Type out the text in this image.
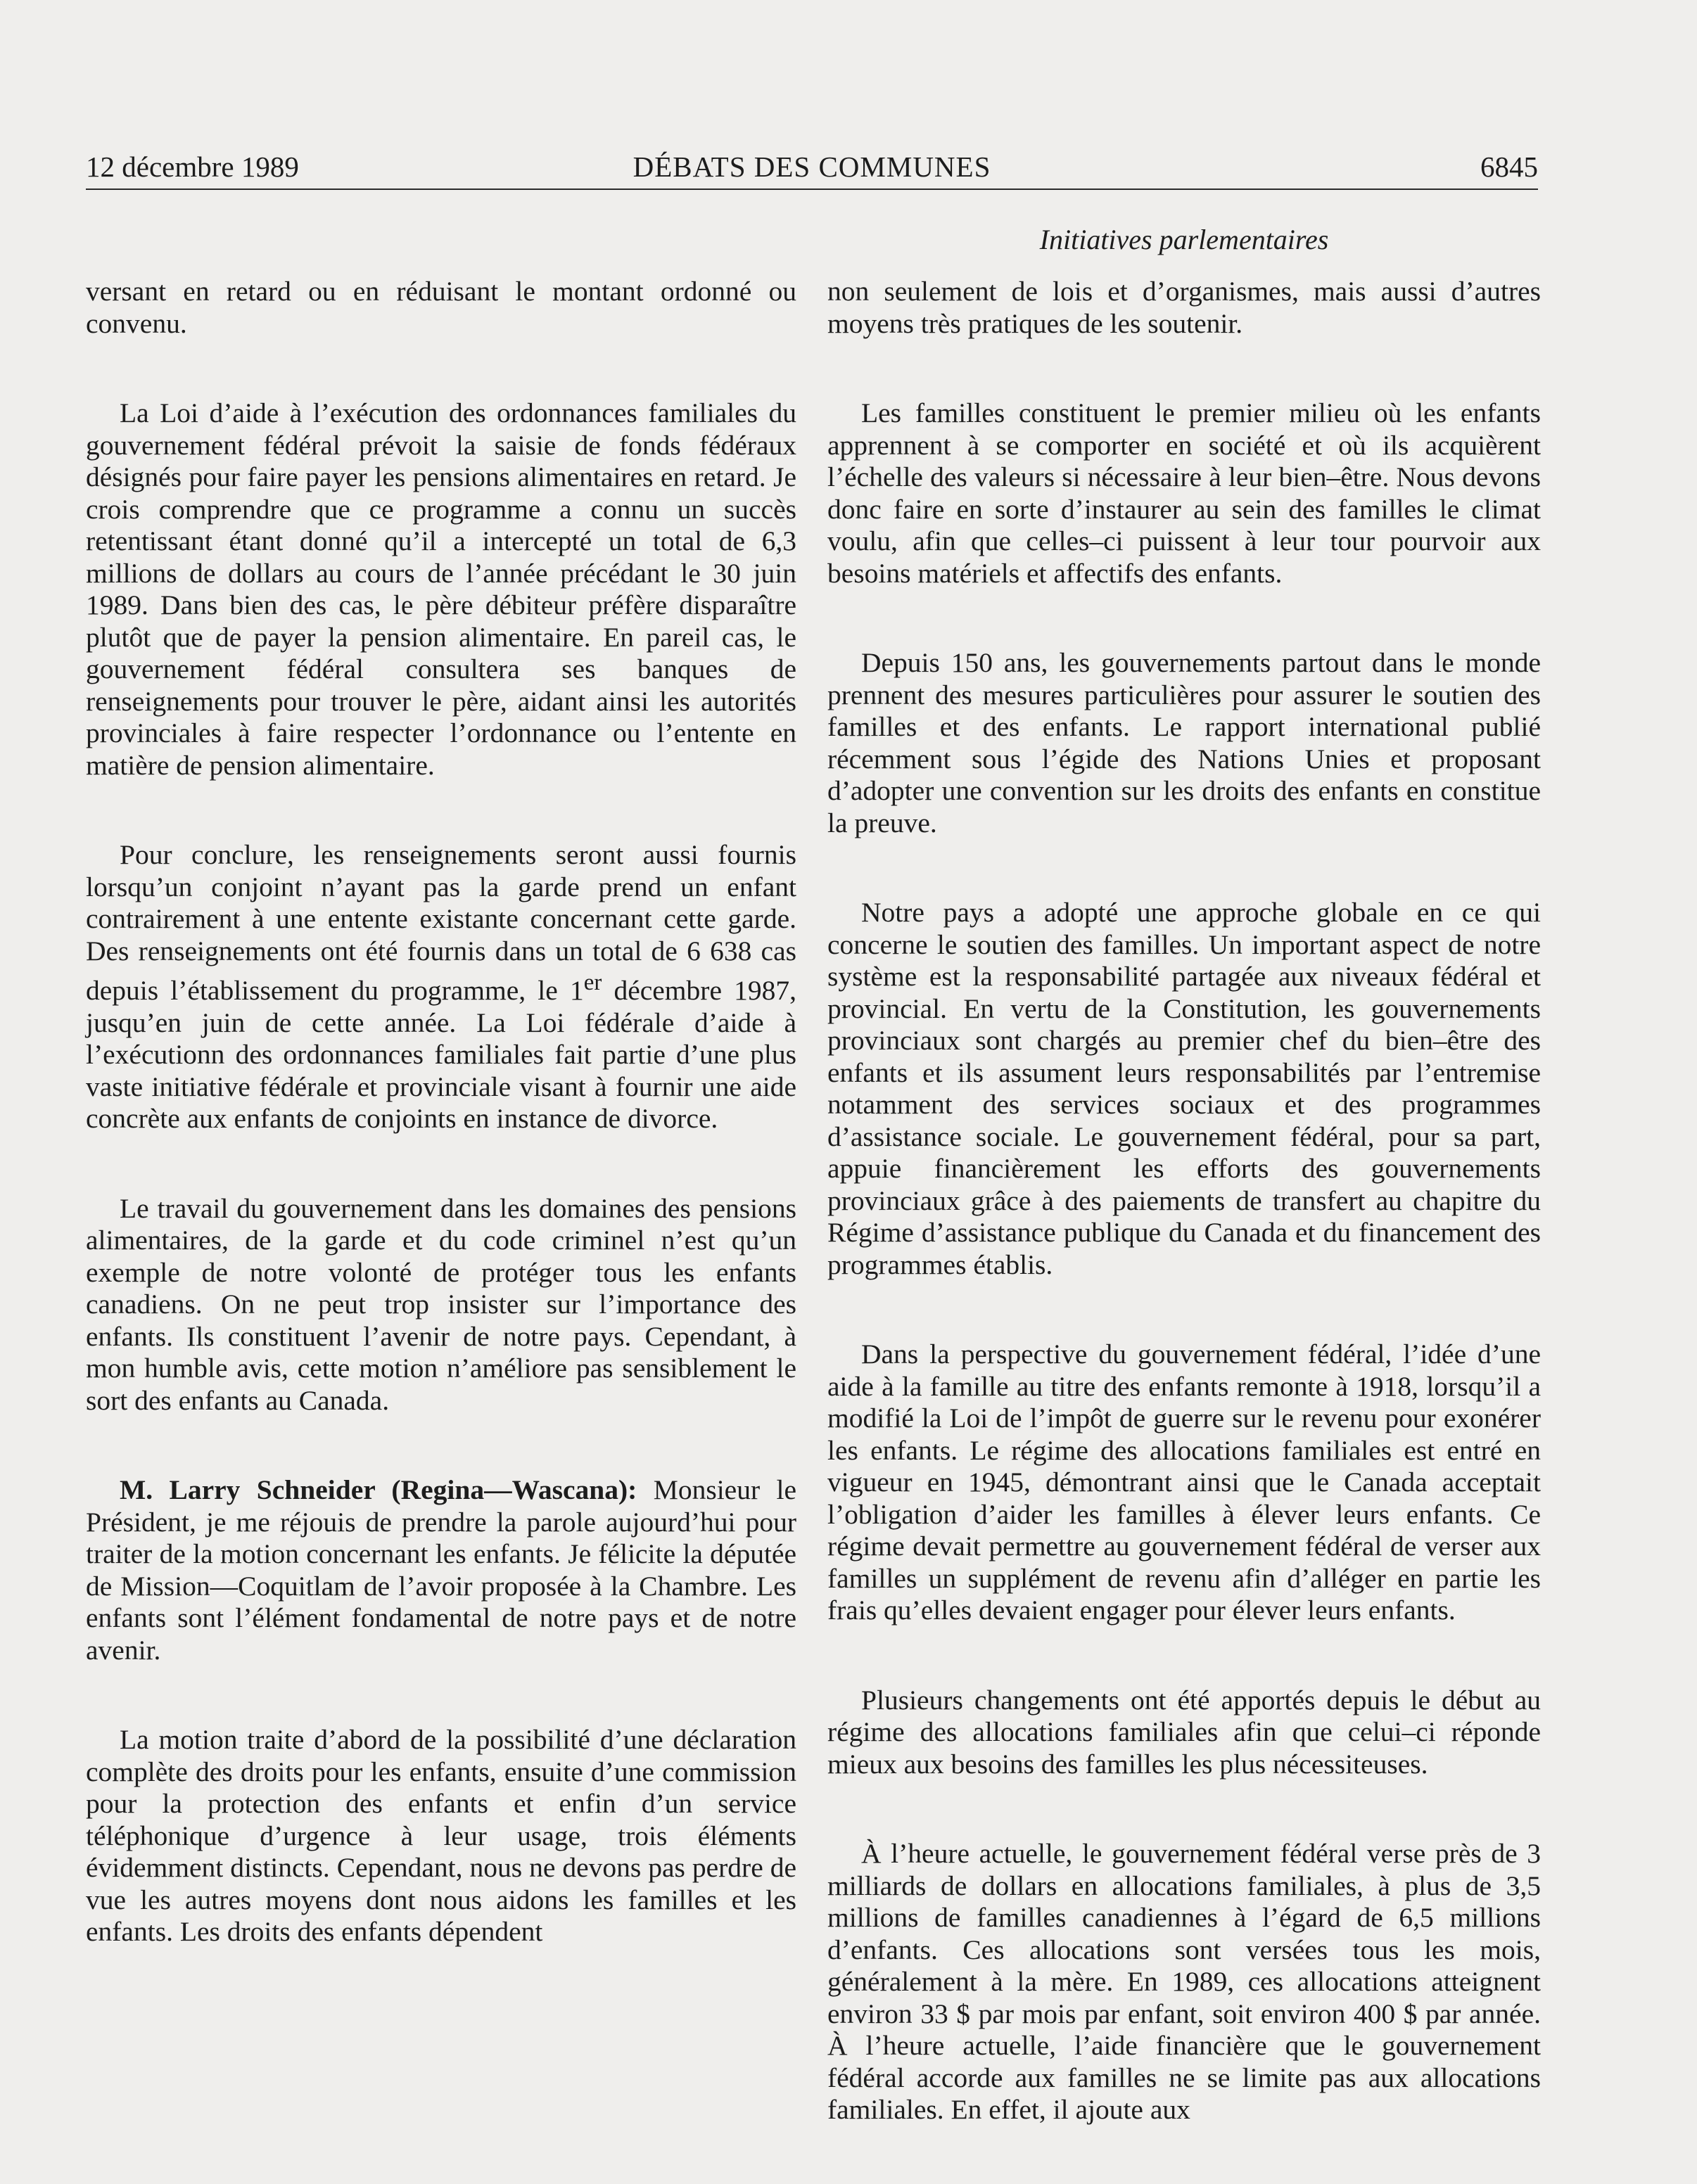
DÉBATS DES COMMUNES
12 décembre 1989	6845
Initiatives parlementaires

versant en retard ou en réduisant le montant ordonné ou convenu.

La Loi d’aide à l’exécution des ordonnances familiales du gouvernement fédéral prévoit la saisie de fonds fédéraux désignés pour faire payer les pensions alimentaires en retard. Je crois comprendre que ce programme a connu un succès retentissant étant donné qu’il a intercepté un total de 6,3 millions de dollars au cours de l’année précédant le 30 juin 1989. Dans bien des cas, le père débiteur préfère disparaître plutôt que de payer la pension alimentaire. En pareil cas, le gouvernement fédéral consultera ses banques de renseignements pour trouver le père, aidant ainsi les autorités provinciales à faire respecter l’ordonnance ou l’entente en matière de pension alimentaire.

Pour conclure, les renseignements seront aussi fournis lorsqu’un conjoint n’ayant pas la garde prend un enfant contrairement à une entente existante concernant cette garde. Des renseignements ont été fournis dans un total de 6 638 cas depuis l’établissement du programme, le 1er décembre 1987, jusqu’en juin de cette année. La Loi fédérale d’aide à l’exécutionn des ordonnances familiales fait partie d’une plus vaste initiative fédérale et provinciale visant à fournir une aide concrète aux enfants de conjoints en instance de divorce.

Le travail du gouvernement dans les domaines des pensions alimentaires, de la garde et du code criminel n’est qu’un exemple de notre volonté de protéger tous les enfants canadiens. On ne peut trop insister sur l’importance des enfants. Ils constituent l’avenir de notre pays. Cependant, à mon humble avis, cette motion n’améliore pas sensiblement le sort des enfants au Canada.

M. Larry Schneider (Regina—Wascana): Monsieur le Président, je me réjouis de prendre la parole aujourd’hui pour traiter de la motion concernant les enfants. Je félicite la députée de Mission—Coquitlam de l’avoir proposée à la Chambre. Les enfants sont l’élément fondamental de notre pays et de notre avenir.

La motion traite d’abord de la possibilité d’une déclaration complète des droits pour les enfants, ensuite d’une commission pour la protection des enfants et enfin d’un service téléphonique d’urgence à leur usage, trois éléments évidemment distincts. Cependant, nous ne devons pas perdre de vue les autres moyens dont nous aidons les familles et les enfants. Les droits des enfants dépendent

non seulement de lois et d’organismes, mais aussi d’autres moyens très pratiques de les soutenir.

Les familles constituent le premier milieu où les enfants apprennent à se comporter en société et où ils acquièrent l’échelle des valeurs si nécessaire à leur bien–être. Nous devons donc faire en sorte d’instaurer au sein des familles le climat voulu, afin que celles–ci puissent à leur tour pourvoir aux besoins matériels et affectifs des enfants.

Depuis 150 ans, les gouvernements partout dans le monde prennent des mesures particulières pour assurer le soutien des familles et des enfants. Le rapport international publié récemment sous l’égide des Nations Unies et proposant d’adopter une convention sur les droits des enfants en constitue la preuve.

Notre pays a adopté une approche globale en ce qui concerne le soutien des familles. Un important aspect de notre système est la responsabilité partagée aux niveaux fédéral et provincial. En vertu de la Constitution, les gouvernements provinciaux sont chargés au premier chef du bien–être des enfants et ils assument leurs responsabilités par l’entremise notamment des services sociaux et des programmes d’assistance sociale. Le gouvernement fédéral, pour sa part, appuie financièrement les efforts des gouvernements provinciaux grâce à des paiements de transfert au chapitre du Régime d’assistance publique du Canada et du financement des programmes établis.

Dans la perspective du gouvernement fédéral, l’idée d’une aide à la famille au titre des enfants remonte à 1918, lorsqu’il a modifié la Loi de l’impôt de guerre sur le revenu pour exonérer les enfants. Le régime des allocations familiales est entré en vigueur en 1945, démontrant ainsi que le Canada acceptait l’obligation d’aider les familles à élever leurs enfants. Ce régime devait permettre au gouvernement fédéral de verser aux familles un supplément de revenu afin d’alléger en partie les frais qu’elles devaient engager pour élever leurs enfants.

Plusieurs changements ont été apportés depuis le début au régime des allocations familiales afin que celui–ci réponde mieux aux besoins des familles les plus nécessiteuses.

À l’heure actuelle, le gouvernement fédéral verse près de 3 milliards de dollars en allocations familiales, à plus de 3,5 millions de familles canadiennes à l’égard de 6,5 millions d’enfants. Ces allocations sont versées tous les mois, généralement à la mère. En 1989, ces allocations atteignent environ 33 $ par mois par enfant, soit environ 400 $ par année. À l’heure actuelle, l’aide financière que le gouvernement fédéral accorde aux familles ne se limite pas aux allocations familiales. En effet, il ajoute aux
